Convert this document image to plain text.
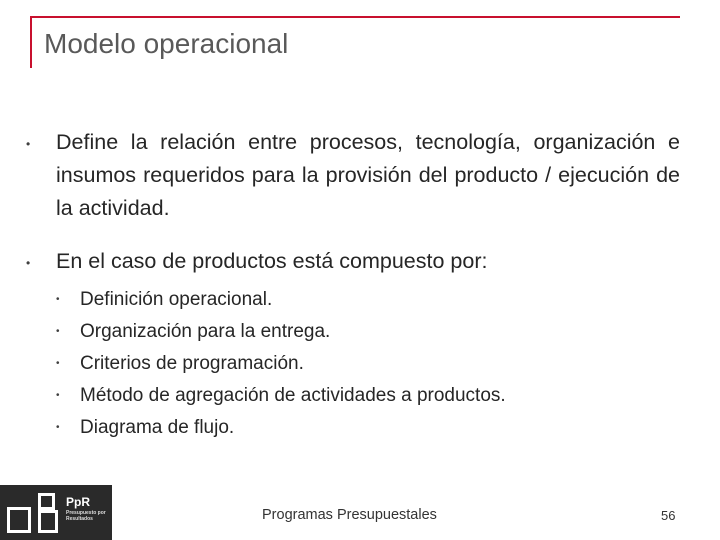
Modelo operacional
• Define la relación entre procesos, tecnología, organización e insumos requeridos para la provisión del producto / ejecución de la actividad.
• En el caso de productos está compuesto por:
• Definición operacional.
• Organización para la entrega.
• Criterios de programación.
• Método de agregación de actividades a productos.
• Diagrama de flujo.
PpR
Presupuesto por Resultados	Programas Presupuestales	56
